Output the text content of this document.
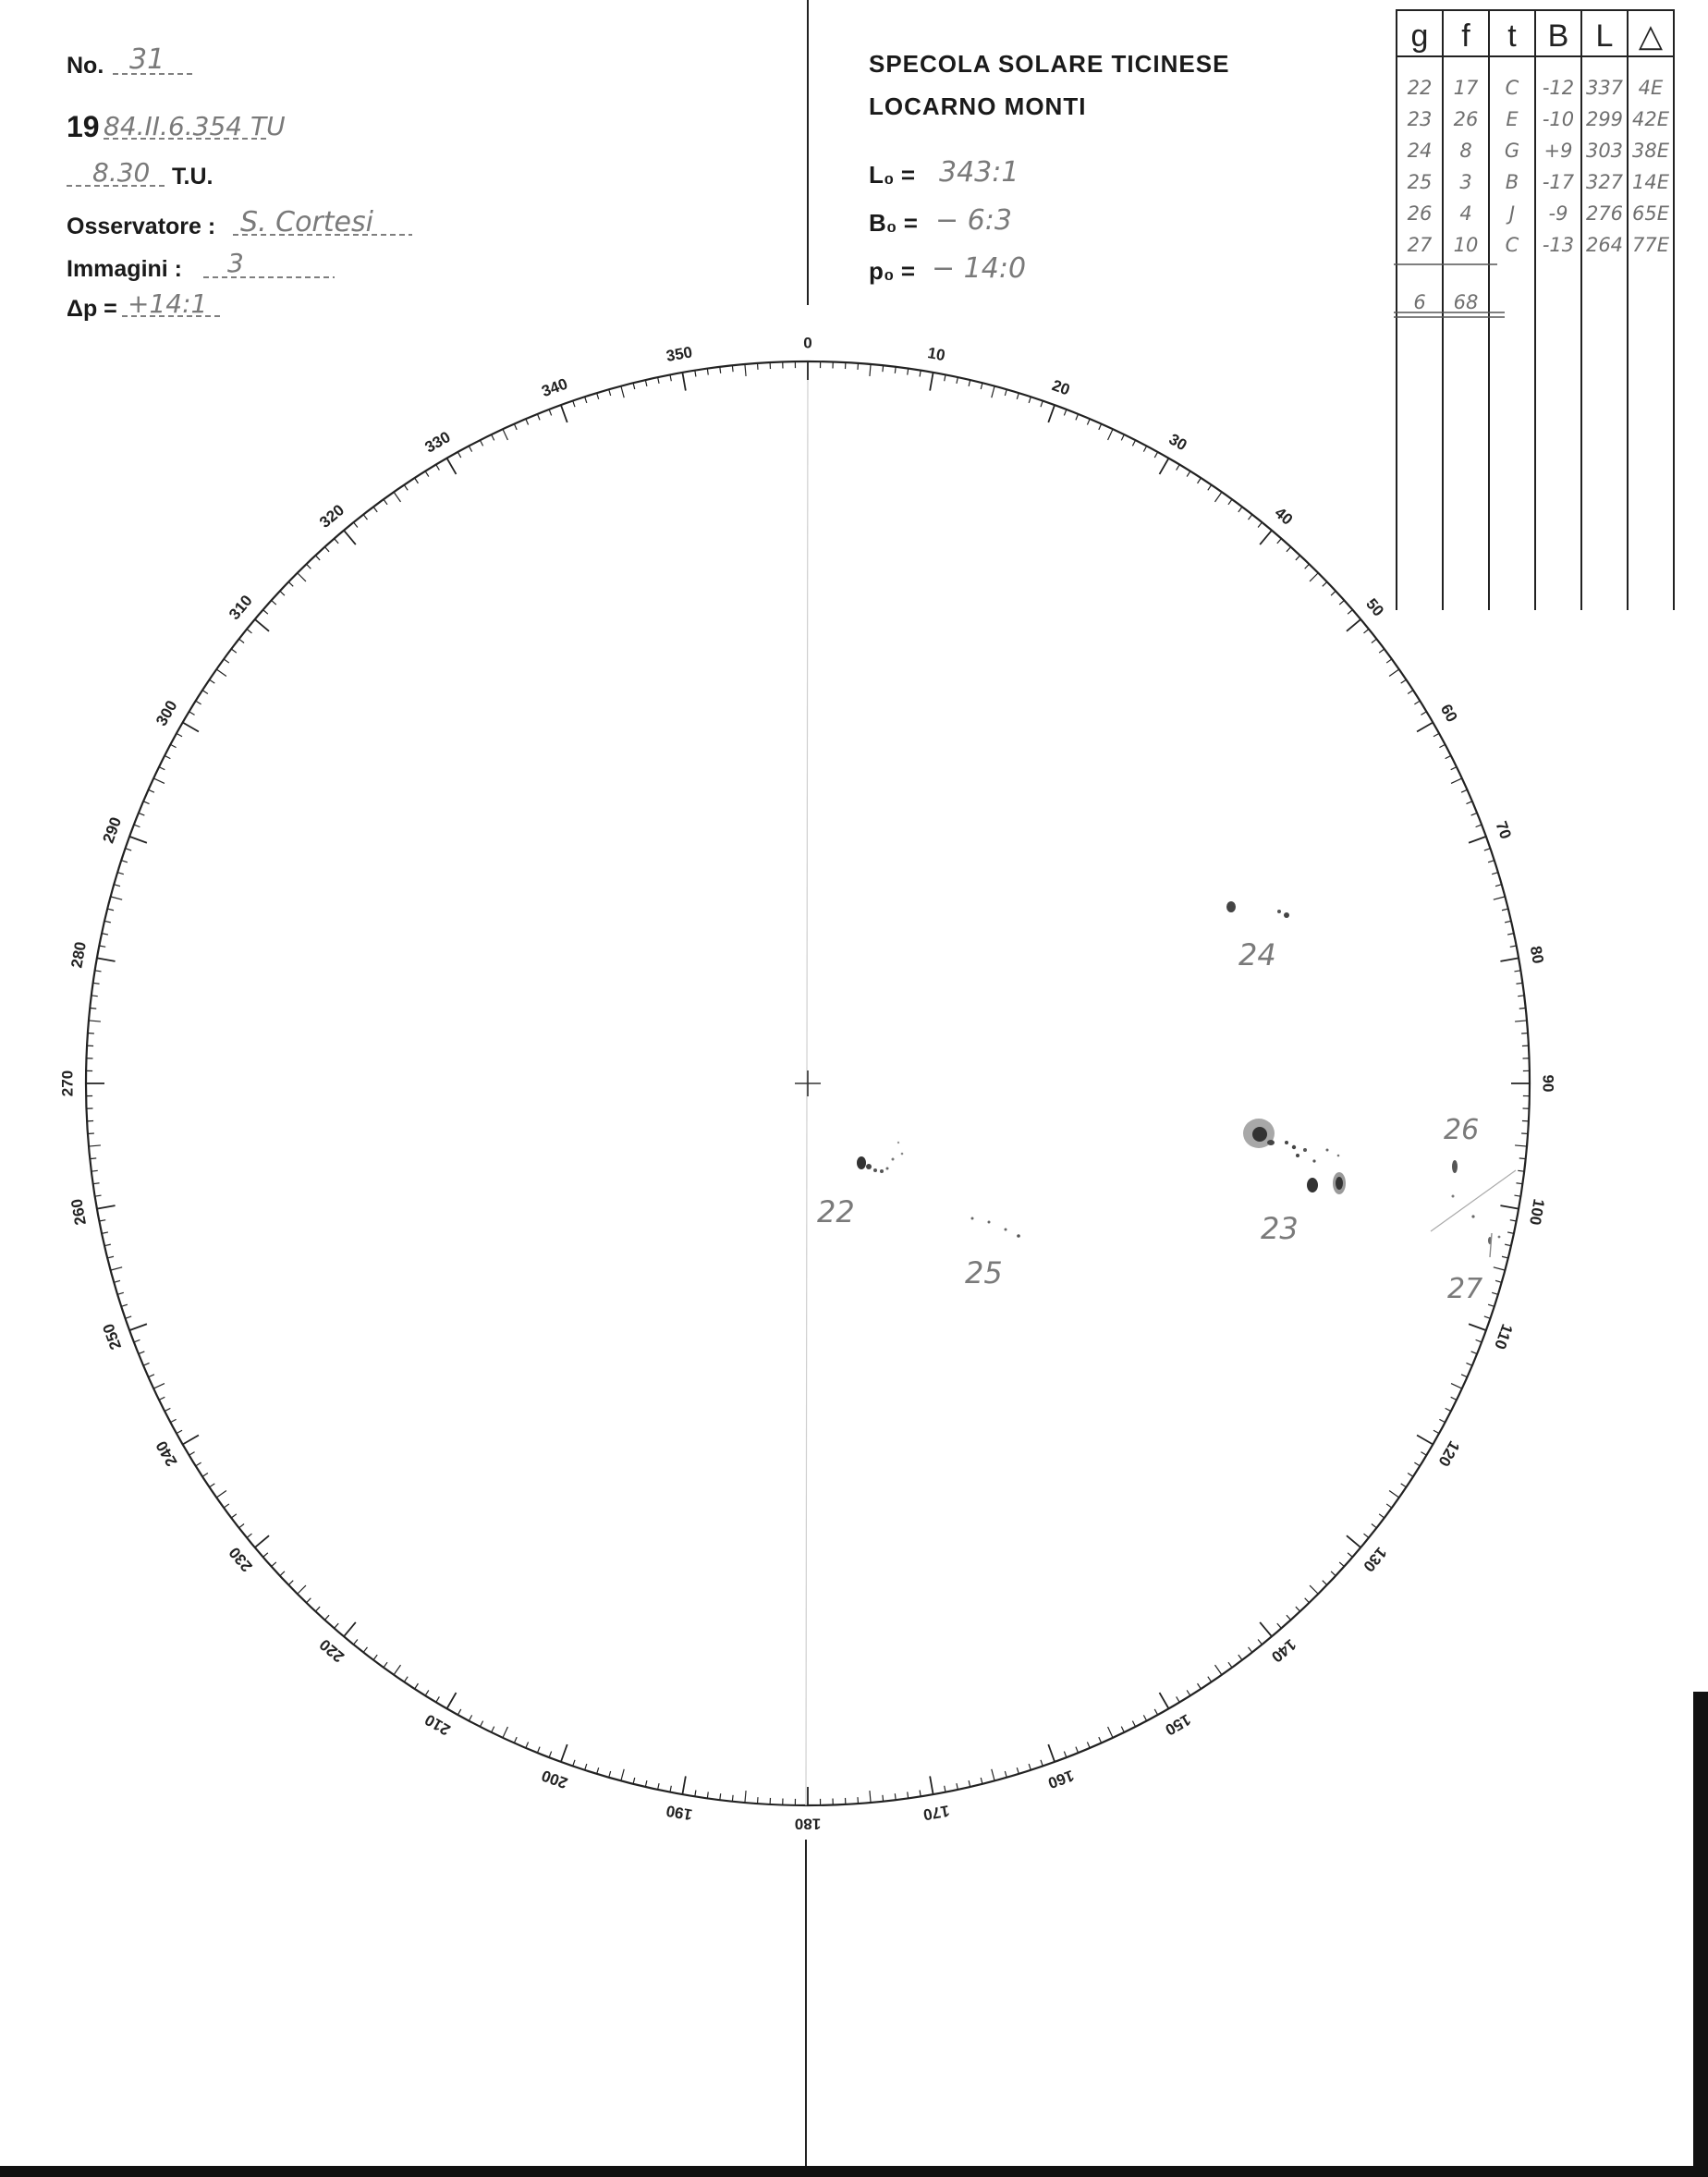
No. 31
19 84.II.6.354 TU
8.30 T.U.
Osservatore : S. Cortesi
Immagini : 3
Δp = +14:1
SPECOLA SOLARE TICINESE
LOCARNO MONTI
L₀ = 343:1
B₀ = − 6:3
p₀ = − 14:0
g f t B L △
22 17 C -12 337 4E
23 26 E -10 299 42E
24 8 G +9 303 38E
25 3 B -17 327 14E
26 4 J -9 276 65E
27 10 C -13 264 77E
6 68
0
10
20
30
40
50
60
70
80
90
100
110
120
130
140
150
160
170
180
190
200
210
220
230
240
250
260
270
280
290
300
310
320
330
340
350
22
25
24
23
26
27
